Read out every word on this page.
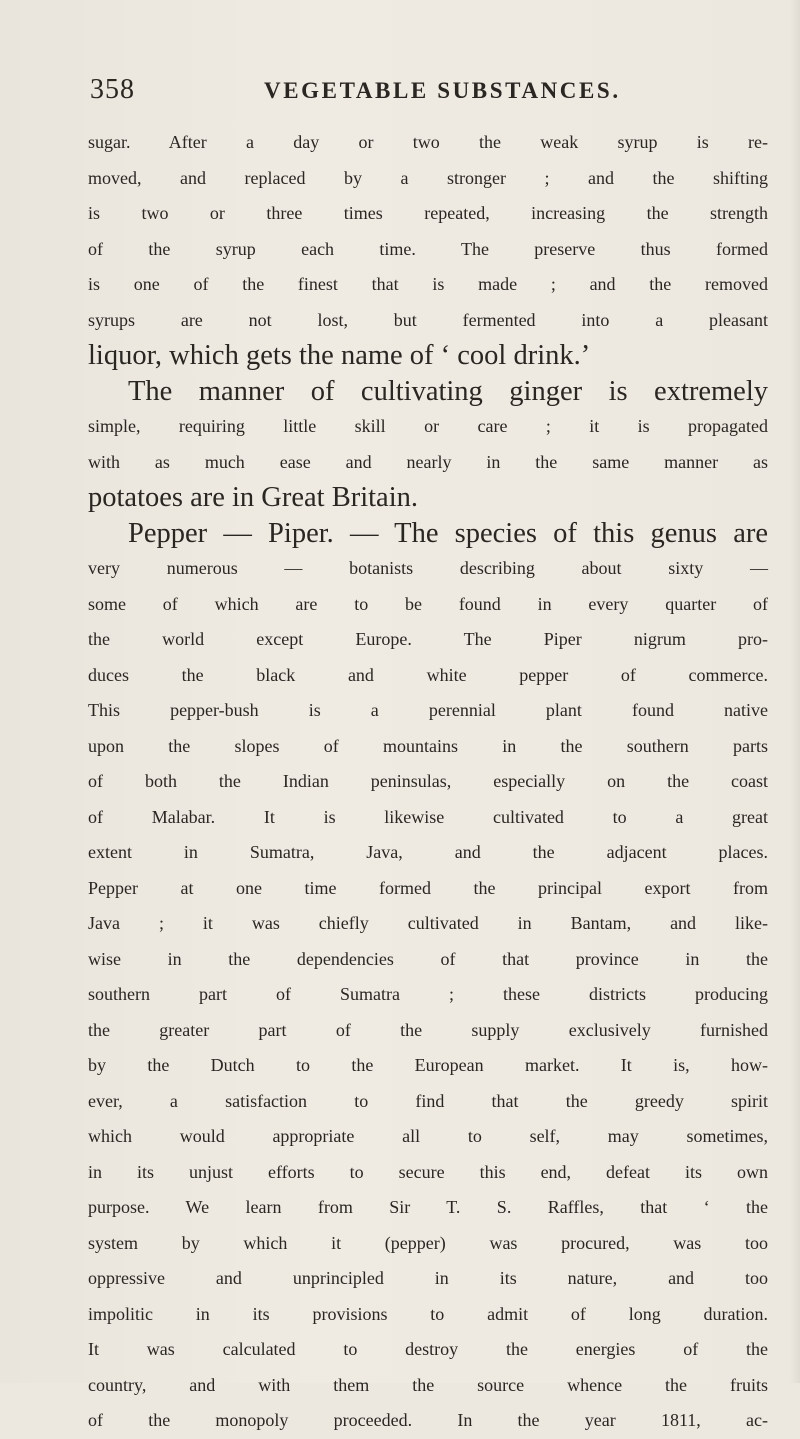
358	VEGETABLE SUBSTANCES.
sugar. After a day or two the weak syrup is re-
moved, and replaced by a stronger ; and the shifting
is two or three times repeated, increasing the strength
of the syrup each time. The preserve thus formed
is one of the finest that is made ; and the removed
syrups are not lost, but fermented into a pleasant
liquor, which gets the name of ‘ cool drink.’
The manner of cultivating ginger is extremely
simple, requiring little skill or care ; it is propagated
with as much ease and nearly in the same manner as
potatoes are in Great Britain.
Pepper — Piper. — The species of this genus are
very numerous — botanists describing about sixty —
some of which are to be found in every quarter of
the world except Europe. The Piper nigrum pro-
duces the black and white pepper of commerce.
This pepper-bush is a perennial plant found native
upon the slopes of mountains in the southern parts
of both the Indian peninsulas, especially on the coast
of Malabar. It is likewise cultivated to a great
extent in Sumatra, Java, and the adjacent places.
Pepper at one time formed the principal export from
Java ; it was chiefly cultivated in Bantam, and like-
wise in the dependencies of that province in the
southern part of Sumatra ; these districts producing
the greater part of the supply exclusively furnished
by the Dutch to the European market. It is, how-
ever, a satisfaction to find that the greedy spirit
which would appropriate all to self, may sometimes,
in its unjust efforts to secure this end, defeat its own
purpose. We learn from Sir T. S. Raffles, that ‘ the
system by which it (pepper) was procured, was too
oppressive and unprincipled in its nature, and too
impolitic in its provisions to admit of long duration.
It was calculated to destroy the energies of the
country, and with them the source whence the fruits
of the monopoly proceeded. In the year 1811, ac-
